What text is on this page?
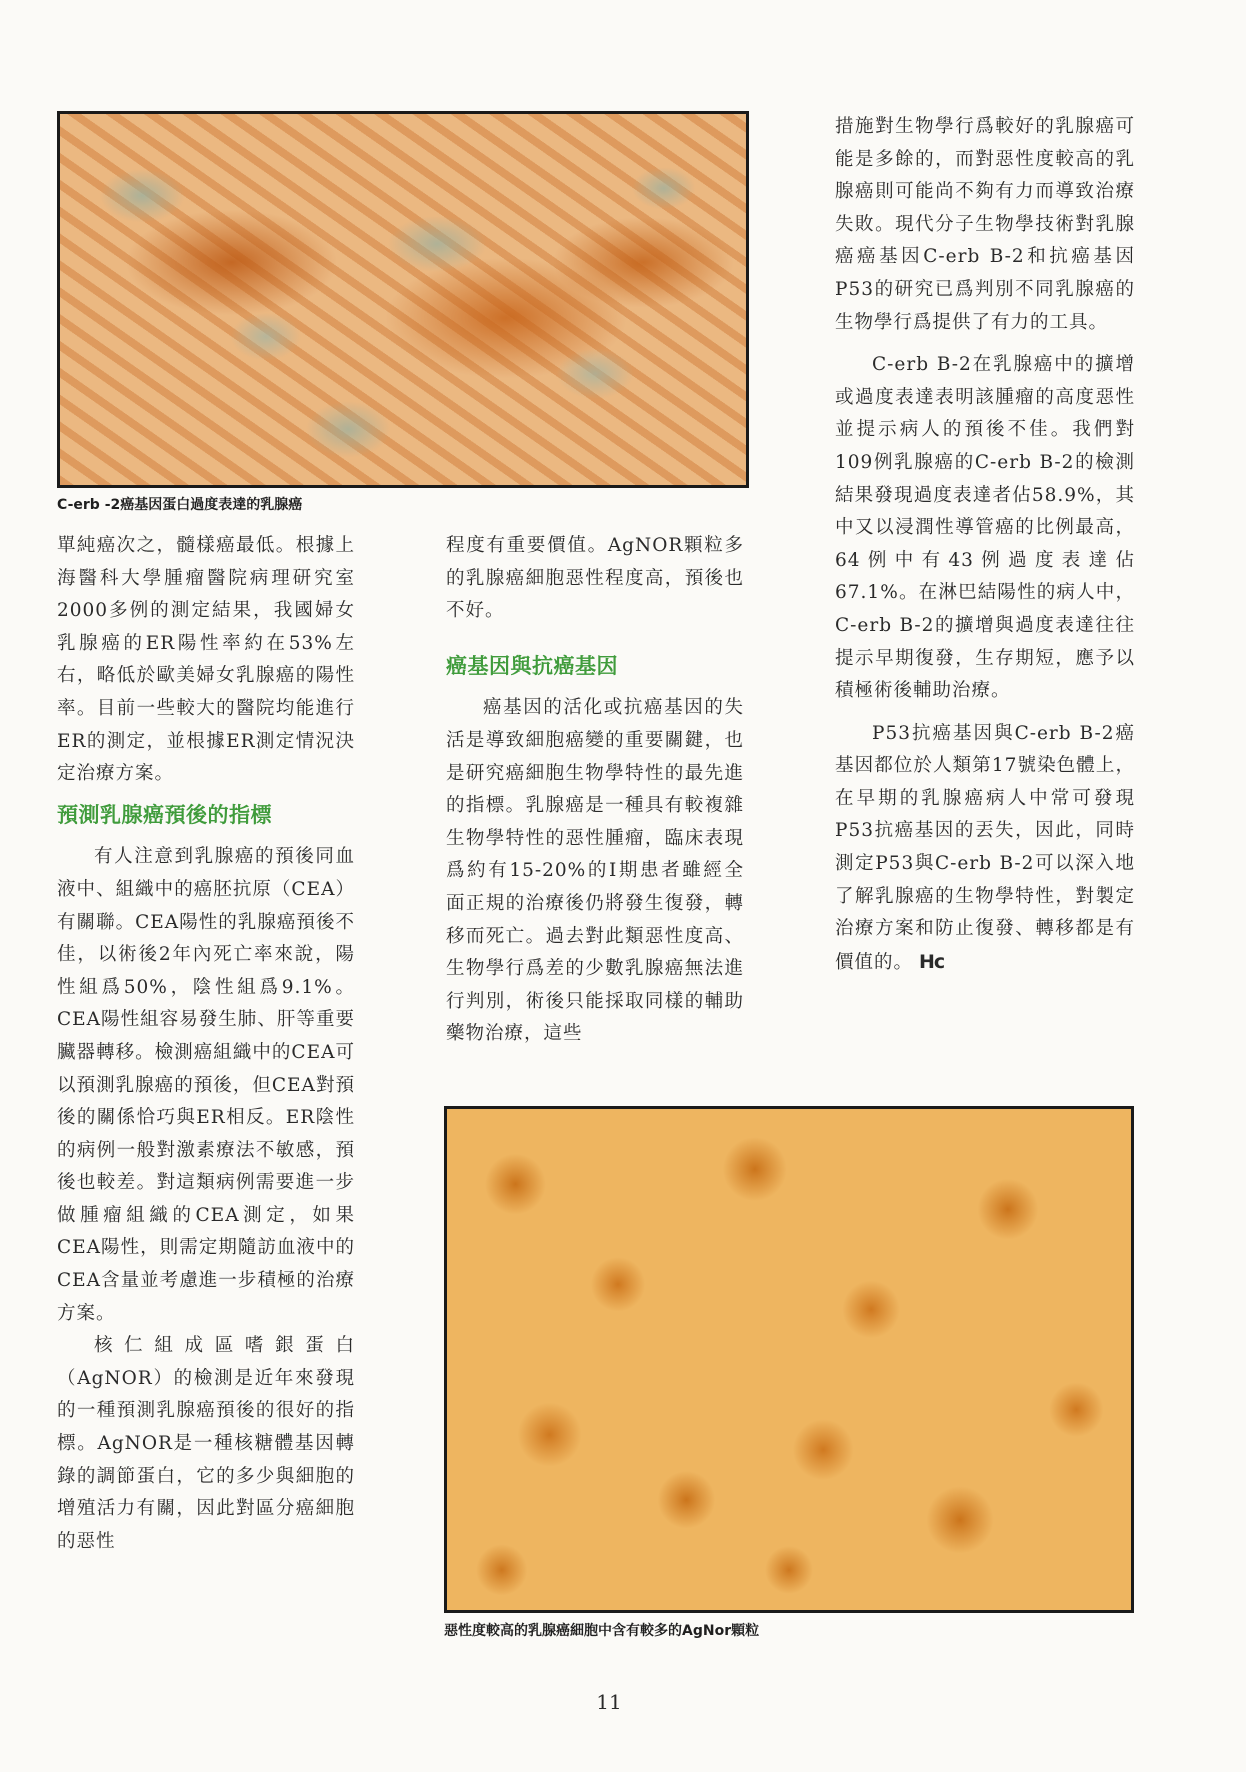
C-erb -2癌基因蛋白過度表達的乳腺癌

單純癌次之，髓樣癌最低。根據上海醫科大學腫瘤醫院病理研究室2000多例的測定結果，我國婦女乳腺癌的ER陽性率約在53%左右，略低於歐美婦女乳腺癌的陽性率。目前一些較大的醫院均能進行ER的測定，並根據ER測定情況決定治療方案。

預測乳腺癌預後的指標

有人注意到乳腺癌的預後同血液中、組織中的癌胚抗原（CEA）有關聯。CEA陽性的乳腺癌預後不佳，以術後2年內死亡率來說，陽性組爲50%，陰性組爲9.1%。CEA陽性組容易發生肺、肝等重要臟器轉移。檢測癌組織中的CEA可以預測乳腺癌的預後，但CEA對預後的關係恰巧與ER相反。ER陰性的病例一般對激素療法不敏感，預後也較差。對這類病例需要進一步做腫瘤組織的CEA測定，如果CEA陽性，則需定期隨訪血液中的CEA含量並考慮進一步積極的治療方案。

核仁組成區嗜銀蛋白（AgNOR）的檢測是近年來發現的一種預測乳腺癌預後的很好的指標。AgNOR是一種核糖體基因轉錄的調節蛋白，它的多少與細胞的增殖活力有關，因此對區分癌細胞的惡性

程度有重要價值。AgNOR顆粒多的乳腺癌細胞惡性程度高，預後也不好。

癌基因與抗癌基因

癌基因的活化或抗癌基因的失活是導致細胞癌變的重要關鍵，也是研究癌細胞生物學特性的最先進的指標。乳腺癌是一種具有較複雜生物學特性的惡性腫瘤，臨床表現爲約有15-20%的I期患者雖經全面正規的治療後仍將發生復發，轉移而死亡。過去對此類惡性度高、生物學行爲差的少數乳腺癌無法進行判別，術後只能採取同樣的輔助藥物治療，這些

措施對生物學行爲較好的乳腺癌可能是多餘的，而對惡性度較高的乳腺癌則可能尚不夠有力而導致治療失敗。現代分子生物學技術對乳腺癌癌基因C-erb B-2和抗癌基因P53的研究已爲判別不同乳腺癌的生物學行爲提供了有力的工具。

C-erb B-2在乳腺癌中的擴增或過度表達表明該腫瘤的高度惡性並提示病人的預後不佳。我們對109例乳腺癌的C-erb B-2的檢測結果發現過度表達者佔58.9%，其中又以浸潤性導管癌的比例最高，64例中有43例過度表達佔67.1%。在淋巴結陽性的病人中，C-erb B-2的擴增與過度表達往往提示早期復發，生存期短，應予以積極術後輔助治療。

P53抗癌基因與C-erb B-2癌基因都位於人類第17號染色體上，在早期的乳腺癌病人中常可發現P53抗癌基因的丟失，因此，同時測定P53與C-erb B-2可以深入地了解乳腺癌的生物學特性，對製定治療方案和防止復發、轉移都是有價值的。 Hc

惡性度較高的乳腺癌細胞中含有較多的AgNor顆粒
11
